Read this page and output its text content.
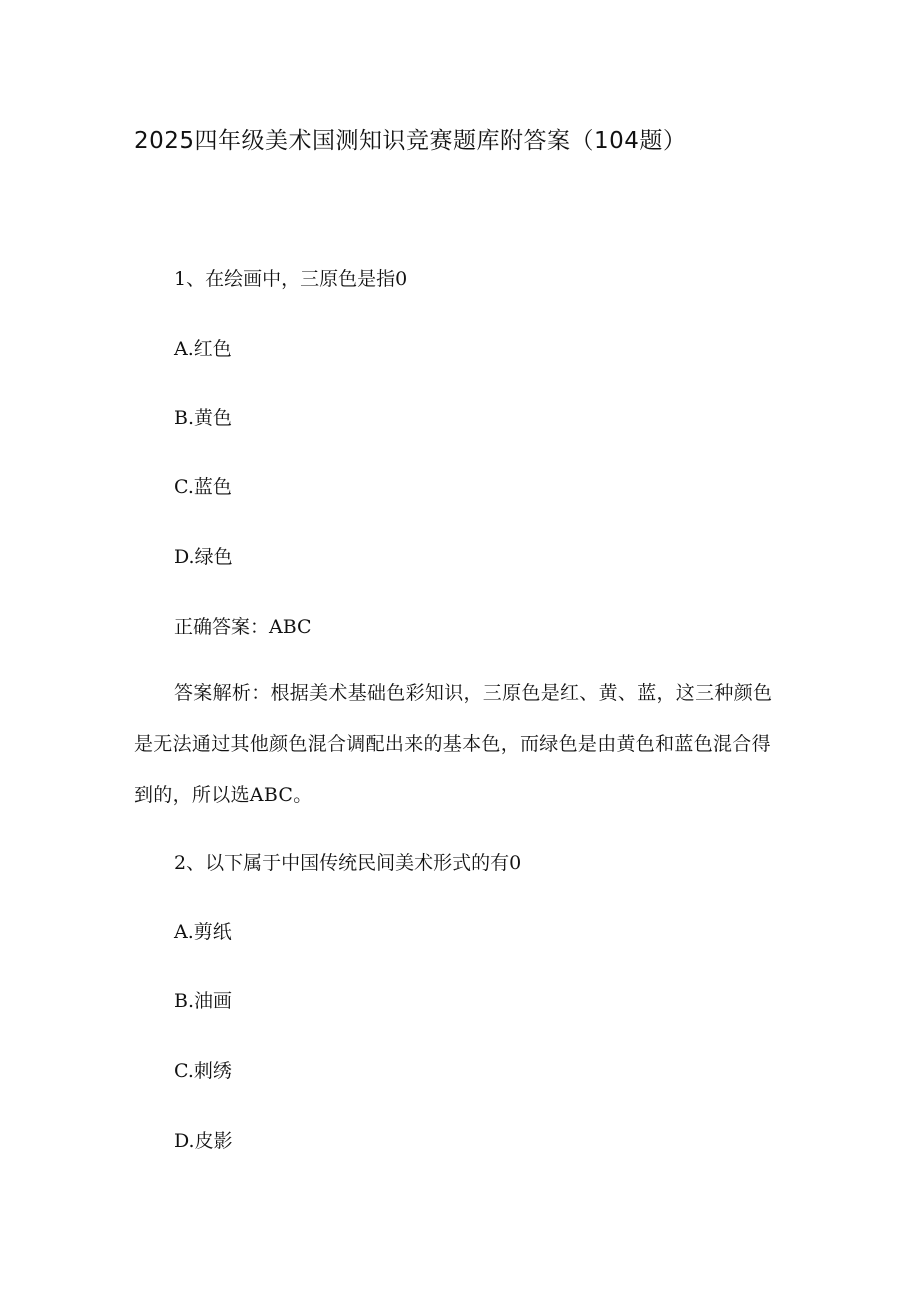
2025四年级美术国测知识竞赛题库附答案（104题）
1、在绘画中，三原色是指0
A.红色
B.黄色
C.蓝色
D.绿色
正确答案：ABC
答案解析：根据美术基础色彩知识，三原色是红、黄、蓝，这三种颜色
是无法通过其他颜色混合调配出来的基本色，而绿色是由黄色和蓝色混合得
到的，所以选ABC。
2、以下属于中国传统民间美术形式的有0
A.剪纸
B.油画
C.刺绣
D.皮影
